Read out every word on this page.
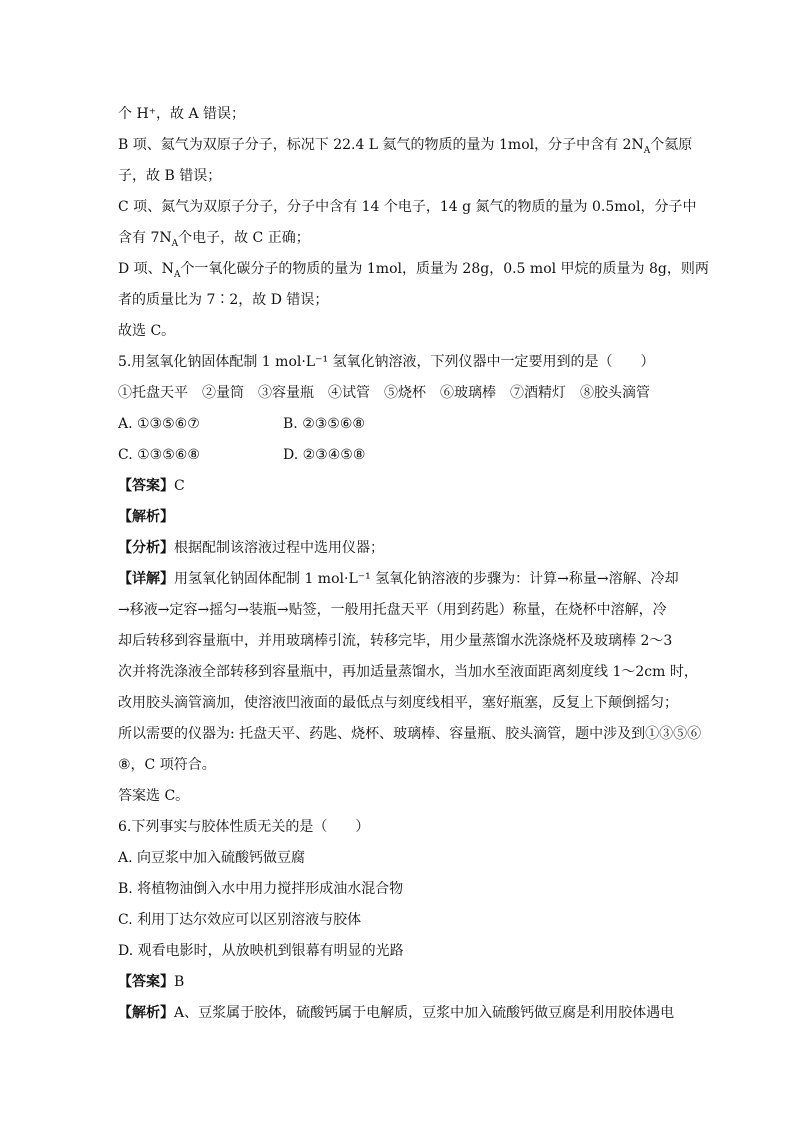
个 H⁺，故 A 错误；
B 项、氦气为双原子分子，标况下 22.4 L 氦气的物质的量为 1mol，分子中含有 $2N_A$个氦原
子，故 B 错误；
C 项、氮气为双原子分子，分子中含有 14 个电子，14 g 氮气的物质的量为 0.5mol，分子中
含有 $7N_A$个电子，故 C 正确；
D 项、$N_A$个一氧化碳分子的物质的量为 1mol，质量为 28g，0.5 mol 甲烷的质量为 8g，则两
者的质量比为 7∶2，故 D 错误；
故选 C。
5.用氢氧化钠固体配制 1 mol·L⁻¹ 氢氧化钠溶液，下列仪器中一定要用到的是（　　）
①托盘天平　②量筒　③容量瓶　④试管　⑤烧杯　⑥玻璃棒　⑦酒精灯　⑧胶头滴管
A. ①③⑤⑥⑦	B. ②③⑤⑥⑧
C. ①③⑤⑥⑧	D. ②③④⑤⑧
【答案】C
【解析】
【分析】根据配制该溶液过程中选用仪器；
【详解】用氢氧化钠固体配制 1 mol·L⁻¹ 氢氧化钠溶液的步骤为：计算→称量→溶解、冷却
→移液→定容→摇匀→装瓶→贴签，一般用托盘天平（用到药匙）称量，在烧杯中溶解，冷
却后转移到容量瓶中，并用玻璃棒引流，转移完毕，用少量蒸馏水洗涤烧杯及玻璃棒 2～3
次并将洗涤液全部转移到容量瓶中，再加适量蒸馏水，当加水至液面距离刻度线 1～2cm 时，
改用胶头滴管滴加，使溶液凹液面的最低点与刻度线相平，塞好瓶塞，反复上下颠倒摇匀；
所以需要的仪器为: 托盘天平、药匙、烧杯、玻璃棒、容量瓶、胶头滴管，题中涉及到①③⑤⑥
⑧，C 项符合。
答案选 C。
6.下列事实与胶体性质无关的是（　　）
A. 向豆浆中加入硫酸钙做豆腐
B. 将植物油倒入水中用力搅拌形成油水混合物
C. 利用丁达尔效应可以区别溶液与胶体
D. 观看电影时，从放映机到银幕有明显的光路
【答案】B
【解析】A、豆浆属于胶体，硫酸钙属于电解质，豆浆中加入硫酸钙做豆腐是利用胶体遇电
